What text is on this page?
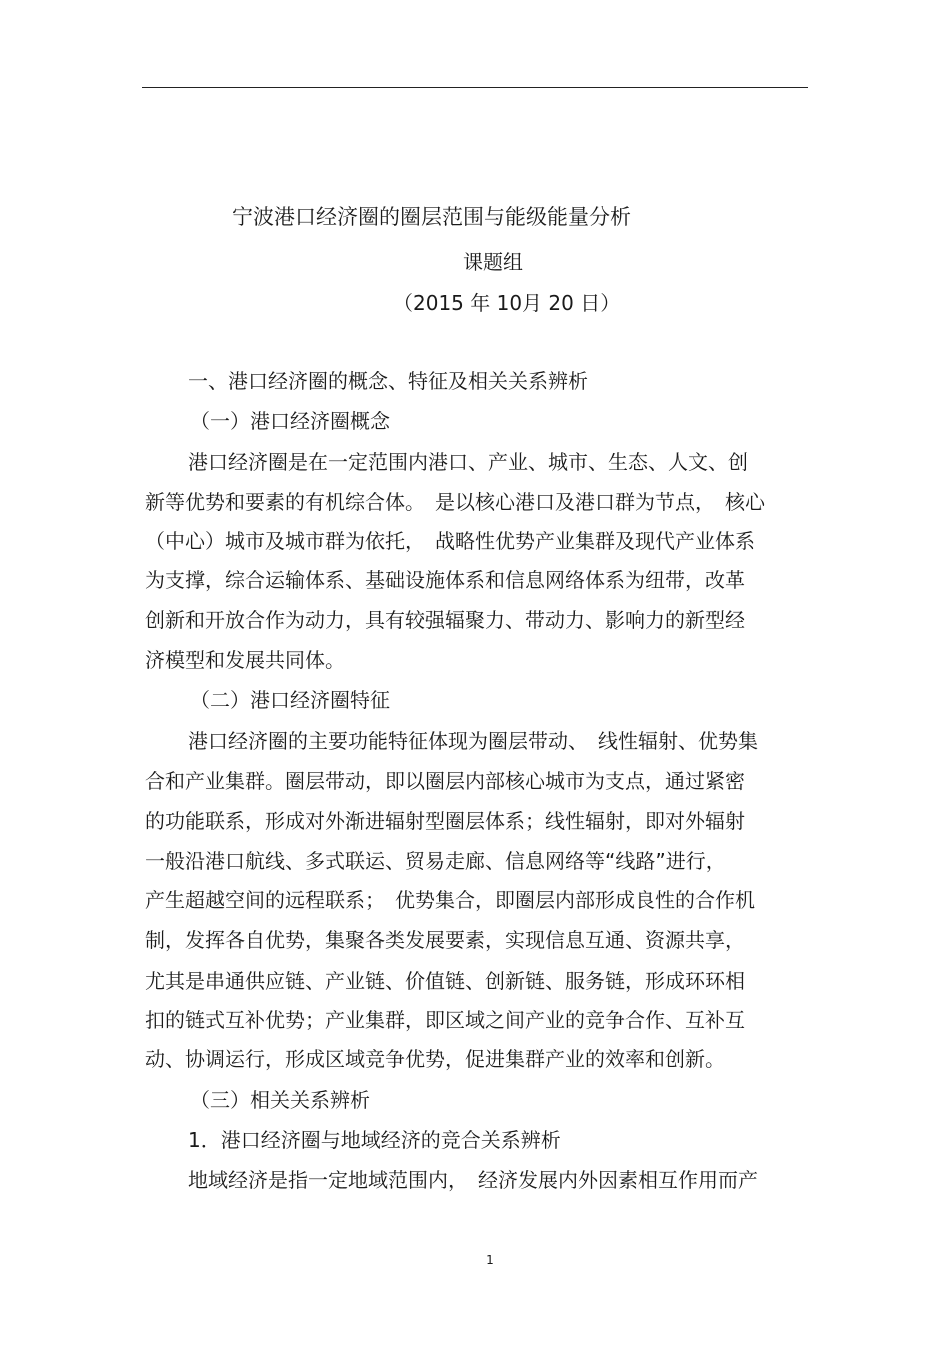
宁波港口经济圈的圈层范围与能级能量分析
课题组
（2015 年 10月 20 日）
一、港口经济圈的概念、特征及相关关系辨析
（一）港口经济圈概念
港口经济圈是在一定范围内港口、产业、城市、生态、人文、创
新等优势和要素的有机综合体。　是以核心港口及港口群为节点，　核心
（中心）城市及城市群为依托，　战略性优势产业集群及现代产业体系
为支撑，综合运输体系、基础设施体系和信息网络体系为纽带，改革
创新和开放合作为动力，具有较强辐聚力、带动力、影响力的新型经
济模型和发展共同体。
（二）港口经济圈特征
港口经济圈的主要功能特征体现为圈层带动、　线性辐射、优势集
合和产业集群。圈层带动，即以圈层内部核心城市为支点，通过紧密
的功能联系，形成对外渐进辐射型圈层体系；线性辐射，即对外辐射
一般沿港口航线、多式联运、贸易走廊、信息网络等“线路”进行，
产生超越空间的远程联系；　优势集合，即圈层内部形成良性的合作机
制，发挥各自优势，集聚各类发展要素，实现信息互通、资源共享，
尤其是串通供应链、产业链、价值链、创新链、服务链，形成环环相
扣的链式互补优势；产业集群，即区域之间产业的竞争合作、互补互
动、协调运行，形成区域竞争优势，促进集群产业的效率和创新。
（三）相关关系辨析
1．港口经济圈与地域经济的竞合关系辨析
地域经济是指一定地域范围内，　经济发展内外因素相互作用而产
1
